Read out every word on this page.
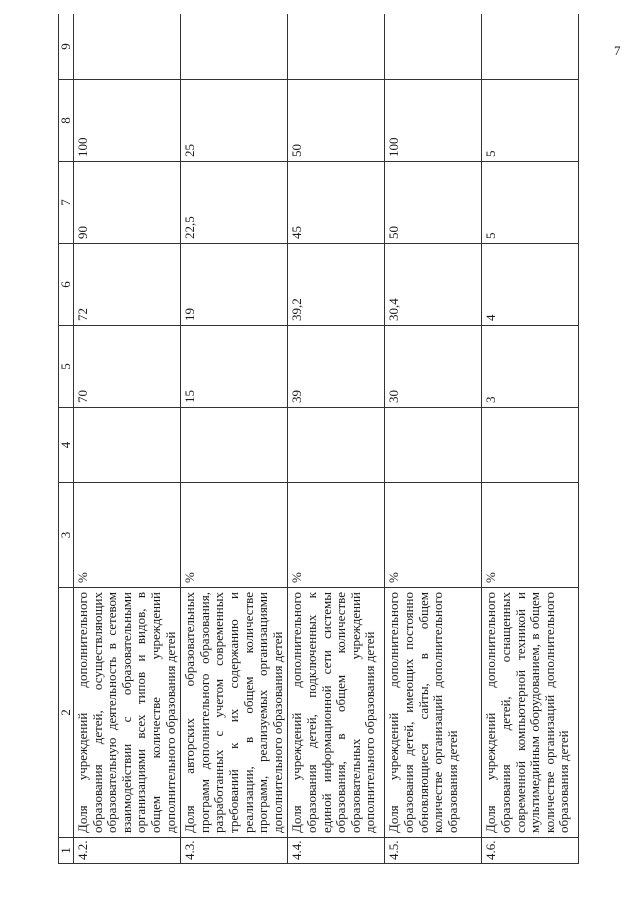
7
1	2	3	4	5	6	7	8	9
4.2.	Доля учреждений дополнительного образования детей, осуществляющих образовательную деятельность в сетевом взаимодействии с образовательными организациями всех типов и видов, в общем количестве учреждений дополнительного образования детей	%		70	72	90	100	
4.3.	Доля авторских образовательных программ дополнительного образования, разработанных с учетом современных требований к их содержанию и реализации, в общем количестве программ, реализуемых организациями дополнительного образования детей	%		15	19	22,5	25	
4.4.	Доля учреждений дополнительного образования детей, подключенных к единой информационной сети системы образования, в общем количестве образовательных учреждений дополнительного образования детей	%		39	39,2	45	50	
4.5.	Доля учреждений дополнительного образования детей, имеющих постоянно обновляющиеся сайты, в общем количестве организаций дополнительного образования детей	%		30	30,4	50	100	
4.6.	Доля учреждений дополнительного образования детей, оснащенных современной компьютерной техникой и мультимедийным оборудованием, в общем количестве организаций дополнительного образования детей	%		3	4	5	5	
